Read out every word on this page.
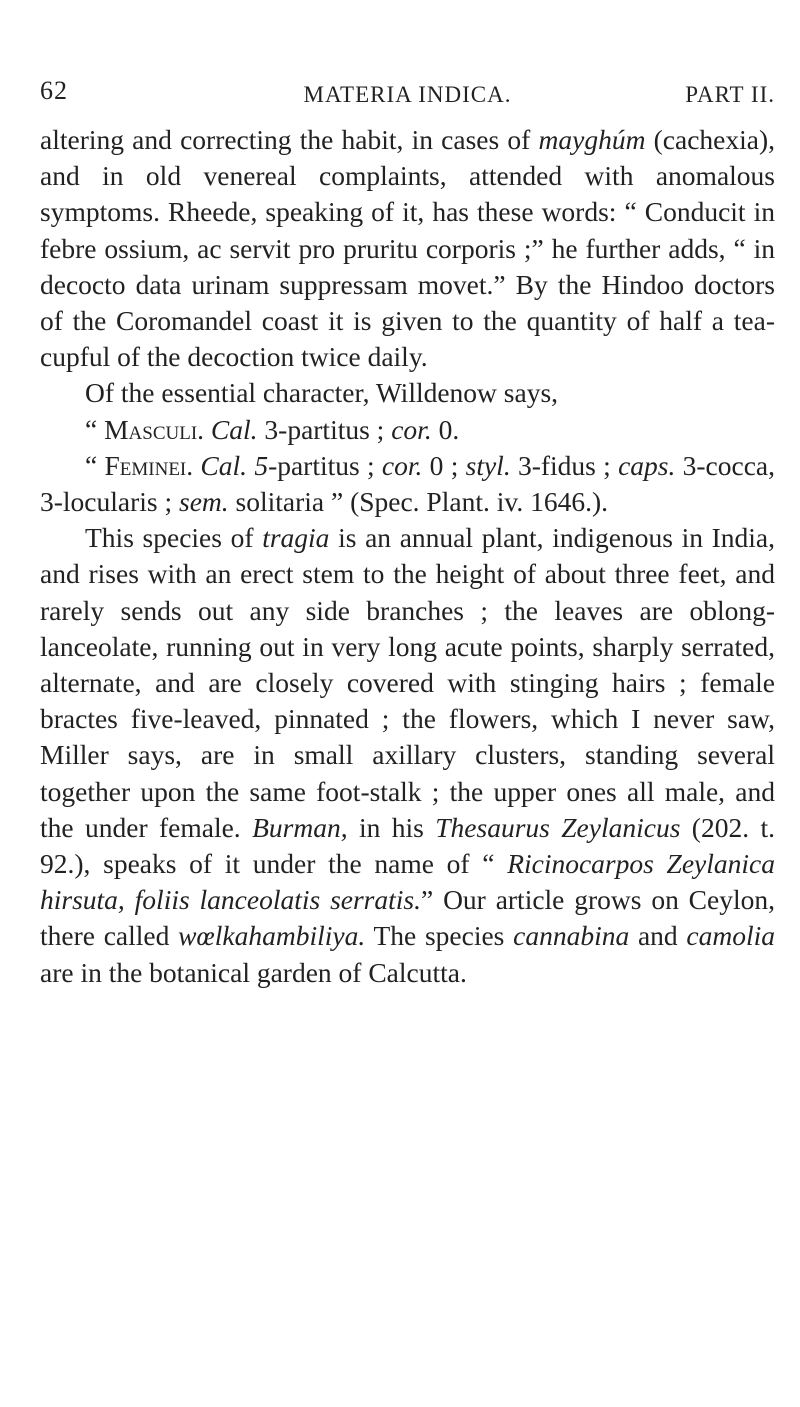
62	MATERIA INDICA.	PART II.

altering and correcting the habit, in cases of mayghúm (cachexia), and in old venereal complaints, attended with anomalous symptoms. Rheede, speaking of it, has these words: “ Conducit in febre ossium, ac servit pro pruritu corporis ;” he further adds, “ in decocto data urinam suppressam movet.” By the Hindoo doctors of the Coromandel coast it is given to the quantity of half a tea-cupful of the decoction twice daily.

Of the essential character, Willdenow says,

“ Masculi. Cal. 3-partitus ; cor. 0.

“ Feminei. Cal. 5-partitus ; cor. 0 ; styl. 3-fidus ; caps. 3-cocca, 3-locularis ; sem. solitaria ” (Spec. Plant. iv. 1646.).

This species of tragia is an annual plant, indigenous in India, and rises with an erect stem to the height of about three feet, and rarely sends out any side branches ; the leaves are oblong-lanceolate, running out in very long acute points, sharply serrated, alternate, and are closely covered with stinging hairs ; female bractes five-leaved, pinnated ; the flowers, which I never saw, Miller says, are in small axillary clusters, standing several together upon the same foot-stalk ; the upper ones all male, and the under female. Burman, in his Thesaurus Zeylanicus (202. t. 92.), speaks of it under the name of “ Ricinocarpos Zeylanica hirsuta, foliis lanceolatis serratis.” Our article grows on Ceylon, there called wœlkahambiliya. The species cannabina and camolia are in the botanical garden of Calcutta.
